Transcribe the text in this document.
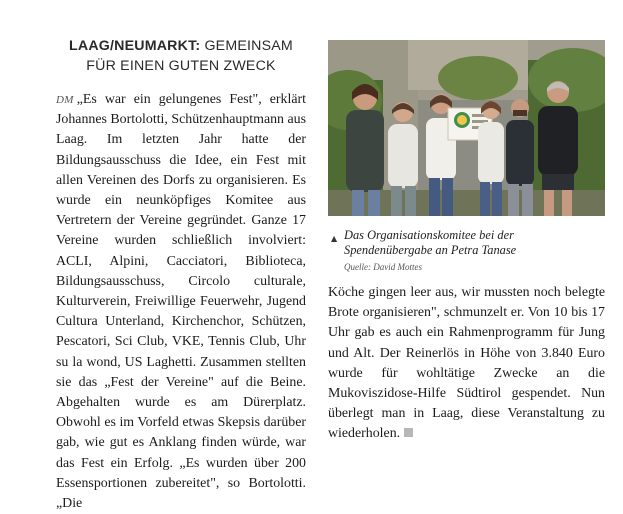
LAAG/NEUMARKT: GEMEINSAM
FÜR EINEN GUTEN ZWECK

DM „Es war ein gelungenes Fest", erklärt Johannes Bortolotti, Schützenhauptmann aus Laag. Im letzten Jahr hatte der Bildungsausschuss die Idee, ein Fest mit allen Vereinen des Dorfs zu organisieren. Es wurde ein neunköpfiges Komitee aus Vertretern der Vereine gegründet. Ganze 17 Vereine wurden schließlich involviert: ACLI, Alpini, Cacciatori, Biblioteca, Bildungsausschuss, Circolo culturale, Kulturverein, Freiwillige Feuerwehr, Jugend Cultura Unterland, Kirchenchor, Schützen, Pescatori, Sci Club, VKE, Tennis Club, Uhr su la wond, US Laghetti. Zusammen stellten sie das „Fest der Vereine" auf die Beine. Abgehalten wurde es am Dürerplatz. Obwohl es im Vorfeld etwas Skepsis darüber gab, wie gut es Anklang finden würde, war das Fest ein Erfolg. „Es wurden über 200 Essensportionen zubereitet", so Bortolotti. „Die

▲ Das Organisationskomitee bei der Spendenübergabe an Petra Tanase

Quelle: David Mottes

Köche gingen leer aus, wir mussten noch belegte Brote organisieren", schmunzelt er. Von 10 bis 17 Uhr gab es auch ein Rahmenprogramm für Jung und Alt. Der Reinerlös in Höhe von 3.840 Euro wurde für wohltätige Zwecke an die Mukoviszidose-Hilfe Südtirol gespendet. Nun überlegt man in Laag, diese Veranstaltung zu wiederholen.
